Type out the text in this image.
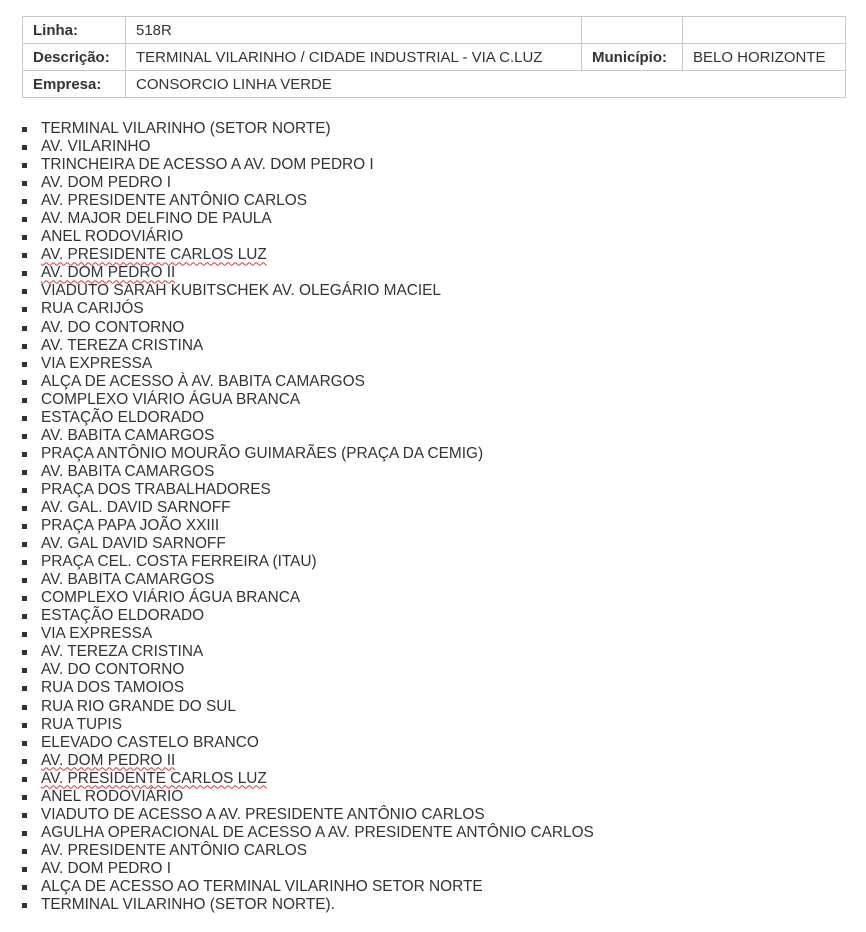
Linha:	518R		
Descrição:	TERMINAL VILARINHO / CIDADE INDUSTRIAL - VIA C.LUZ	Município:	BELO HORIZONTE
Empresa:	CONSORCIO LINHA VERDE		
TERMINAL VILARINHO (SETOR NORTE)
AV. VILARINHO
TRINCHEIRA DE ACESSO A AV. DOM PEDRO I
AV. DOM PEDRO I
AV. PRESIDENTE ANTÔNIO CARLOS
AV. MAJOR DELFINO DE PAULA
ANEL RODOVIÁRIO
AV. PRESIDENTE CARLOS LUZ
AV. DOM PEDRO II
VIADUTO SARAH KUBITSCHEK AV. OLEGÁRIO MACIEL
RUA CARIJÓS
AV. DO CONTORNO
AV. TEREZA CRISTINA
VIA EXPRESSA
ALÇA DE ACESSO À AV. BABITA CAMARGOS
COMPLEXO VIÁRIO ÁGUA BRANCA
ESTAÇÃO ELDORADO
AV. BABITA CAMARGOS
PRAÇA ANTÔNIO MOURÃO GUIMARÃES (PRAÇA DA CEMIG)
AV. BABITA CAMARGOS
PRAÇA DOS TRABALHADORES
AV. GAL. DAVID SARNOFF
PRAÇA PAPA JOÃO XXIII
AV. GAL DAVID SARNOFF
PRAÇA CEL. COSTA FERREIRA (ITAU)
AV. BABITA CAMARGOS
COMPLEXO VIÁRIO ÁGUA BRANCA
ESTAÇÃO ELDORADO
VIA EXPRESSA
AV. TEREZA CRISTINA
AV. DO CONTORNO
RUA DOS TAMOIOS
RUA RIO GRANDE DO SUL
RUA TUPIS
ELEVADO CASTELO BRANCO
AV. DOM PEDRO II
AV. PRESIDENTE CARLOS LUZ
ANEL RODOVIÁRIO
VIADUTO DE ACESSO A AV. PRESIDENTE ANTÔNIO CARLOS
AGULHA OPERACIONAL DE ACESSO A AV. PRESIDENTE ANTÔNIO CARLOS
AV. PRESIDENTE ANTÔNIO CARLOS
AV. DOM PEDRO I
ALÇA DE ACESSO AO TERMINAL VILARINHO SETOR NORTE
TERMINAL VILARINHO (SETOR NORTE).
